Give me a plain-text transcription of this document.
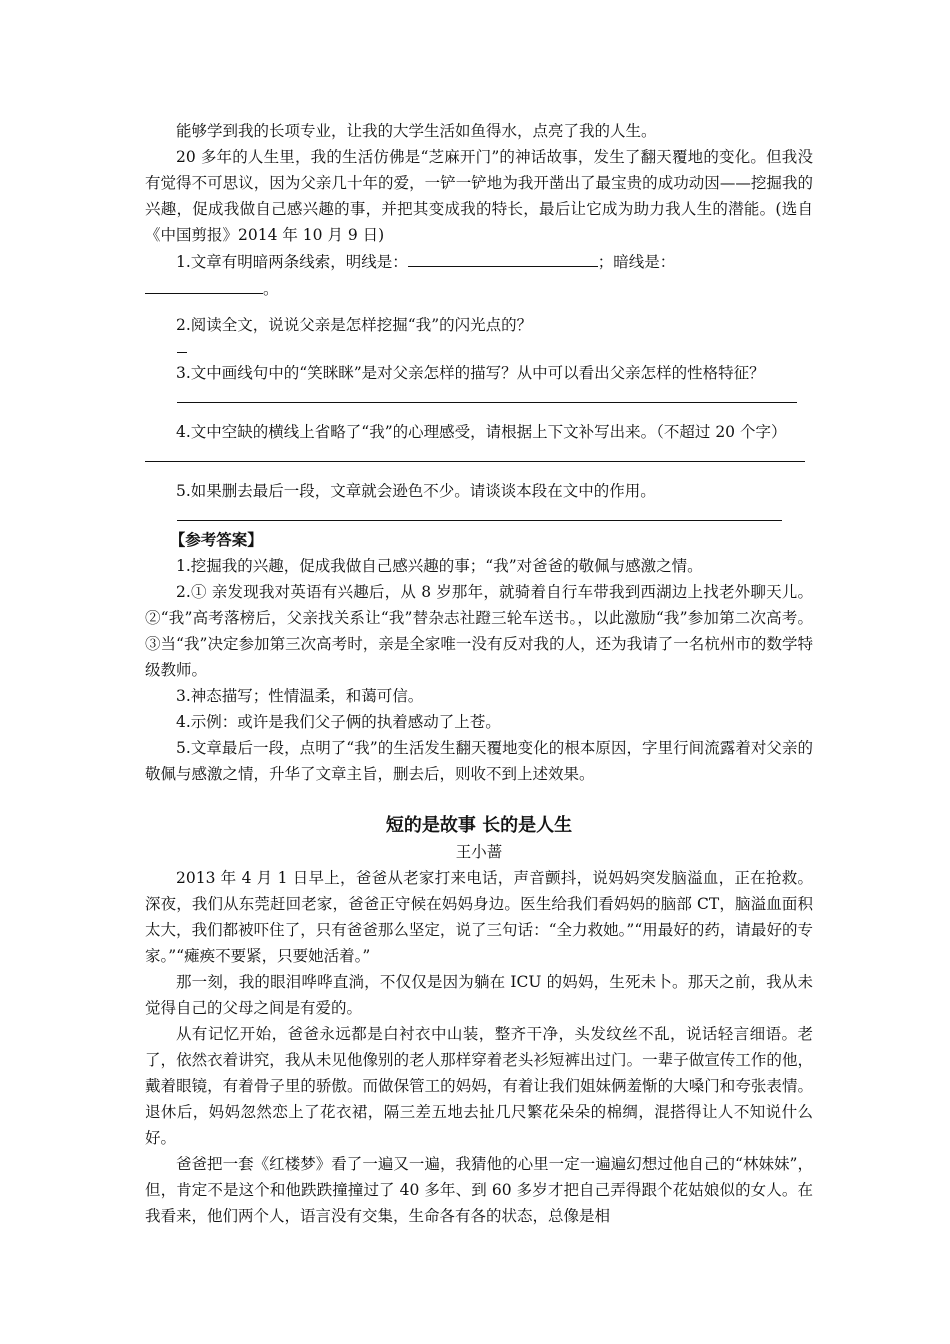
能够学到我的长项专业，让我的大学生活如鱼得水，点亮了我的人生。

20 多年的人生里，我的生活仿佛是“芝麻开门”的神话故事，发生了翻天覆地的变化。但我没有觉得不可思议，因为父亲几十年的爱，一铲一铲地为我开凿出了最宝贵的成功动因——挖掘我的兴趣，促成我做自己感兴趣的事，并把其变成我的特长，最后让它成为助力我人生的潜能。(选自《中国剪报》2014 年 10 月 9 日)

1.文章有明暗两条线索，明线是：	；暗线是：

。

2.阅读全文，说说父亲是怎样挖掘“我”的闪光点的？

3.文中画线句中的“笑眯眯”是对父亲怎样的描写？从中可以看出父亲怎样的性格特征？

4.文中空缺的横线上省略了“我”的心理感受，请根据上下文补写出来。（不超过 20 个字）

5.如果删去最后一段，文章就会逊色不少。请谈谈本段在文中的作用。

【参考答案】

1.挖掘我的兴趣，促成我做自己感兴趣的事；“我”对爸爸的敬佩与感激之情。

2.① 亲发现我对英语有兴趣后，从 8 岁那年，就骑着自行车带我到西湖边上找老外聊天儿。②“我”高考落榜后，父亲找关系让“我”替杂志社蹬三轮车送书。，以此激励“我”参加第二次高考。③当“我”决定参加第三次高考时，亲是全家唯一没有反对我的人，还为我请了一名杭州市的数学特级教师。

3.神态描写；性情温柔，和蔼可信。

4.示例：或许是我们父子俩的执着感动了上苍。

5.文章最后一段，点明了“我”的生活发生翻天覆地变化的根本原因，字里行间流露着对父亲的敬佩与感激之情，升华了文章主旨，删去后，则收不到上述效果。

短的是故事 长的是人生

王小蔷

2013 年 4 月 1 日早上，爸爸从老家打来电话，声音颤抖，说妈妈突发脑溢血，正在抢救。深夜，我们从东莞赶回老家，爸爸正守候在妈妈身边。医生给我们看妈妈的脑部 CT，脑溢血面积太大，我们都被吓住了，只有爸爸那么坚定，说了三句话：“全力救她。”“用最好的药，请最好的专家。”“瘫痪不要紧，只要她活着。”

那一刻，我的眼泪哗哗直淌，不仅仅是因为躺在 ICU 的妈妈，生死未卜。那天之前，我从未觉得自己的父母之间是有爱的。

从有记忆开始，爸爸永远都是白衬衣中山装，整齐干净，头发纹丝不乱，说话轻言细语。老了，依然衣着讲究，我从未见他像别的老人那样穿着老头衫短裤出过门。一辈子做宣传工作的他，戴着眼镜，有着骨子里的骄傲。而做保管工的妈妈，有着让我们姐妹俩羞惭的大嗓门和夸张表情。退休后，妈妈忽然恋上了花衣裙，隔三差五地去扯几尺繁花朵朵的棉绸，混搭得让人不知说什么好。

爸爸把一套《红楼梦》看了一遍又一遍，我猜他的心里一定一遍遍幻想过他自己的“林妹妹”，但，肯定不是这个和他跌跌撞撞过了 40 多年、到 60 多岁才把自己弄得跟个花姑娘似的女人。在我看来，他们两个人，语言没有交集，生命各有各的状态，总像是相
